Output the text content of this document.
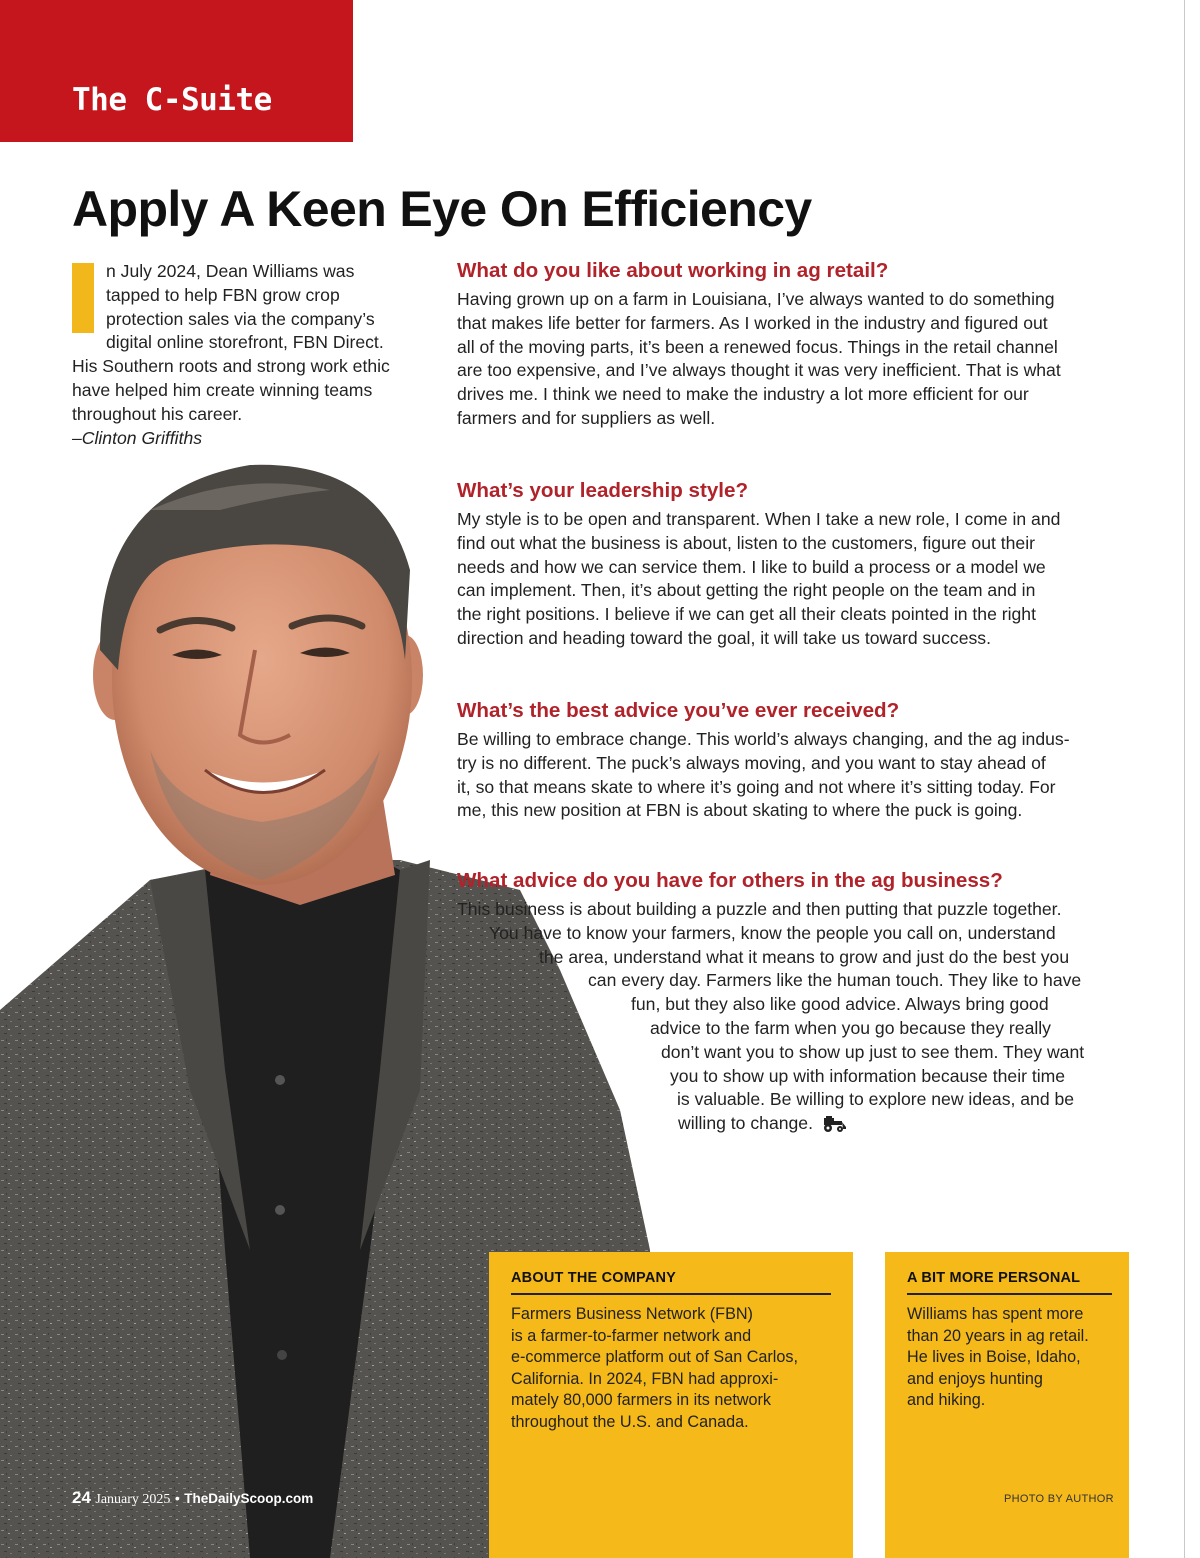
The C-Suite
Apply A Keen Eye On Efficiency
n July 2024, Dean Williams was tapped to help FBN grow crop protection sales via the company’s digital online storefront, FBN Direct. His Southern roots and strong work ethic have helped him create winning teams throughout his career.
–Clinton Griffiths
What do you like about working in ag retail?

Having grown up on a farm in Louisiana, I’ve always wanted to do something
that makes life better for farmers. As I worked in the industry and figured out
all of the moving parts, it’s been a renewed focus. Things in the retail channel
are too expensive, and I’ve always thought it was very inefficient. That is what
drives me. I think we need to make the industry a lot more efficient for our
farmers and for suppliers as well.

What’s your leadership style?

My style is to be open and transparent. When I take a new role, I come in and
find out what the business is about, listen to the customers, figure out their
needs and how we can service them. I like to build a process or a model we
can implement. Then, it’s about getting the right people on the team and in
the right positions. I believe if we can get all their cleats pointed in the right
direction and heading toward the goal, it will take us toward success.

What’s the best advice you’ve ever received?

Be willing to embrace change. This world’s always changing, and the ag indus-
try is no different. The puck’s always moving, and you want to stay ahead of
it, so that means skate to where it’s going and not where it’s sitting today. For
me, this new position at FBN is about skating to where the puck is going.

What advice do you have for others in the ag business?

This business is about building a puzzle and then putting that puzzle together.
You have to know your farmers, know the people you call on, understand
the area, understand what it means to grow and just do the best you
can every day. Farmers like the human touch. They like to have
fun, but they also like good advice. Always bring good
advice to the farm when you go because they really
don’t want you to show up just to see them. They want
you to show up with information because their time
is valuable. Be willing to explore new ideas, and be
willing to change.

ABOUT THE COMPANY
Farmers Business Network (FBN)
is a farmer-to-farmer network and
e-commerce platform out of San Carlos,
California. In 2024, FBN had approxi-
mately 80,000 farmers in its network
throughout the U.S. and Canada.
A BIT MORE PERSONAL
Williams has spent more
than 20 years in ag retail.
He lives in Boise, Idaho,
and enjoys hunting
and hiking.
PHOTO BY AUTHOR
24 January 2025 • TheDailyScoop.com
